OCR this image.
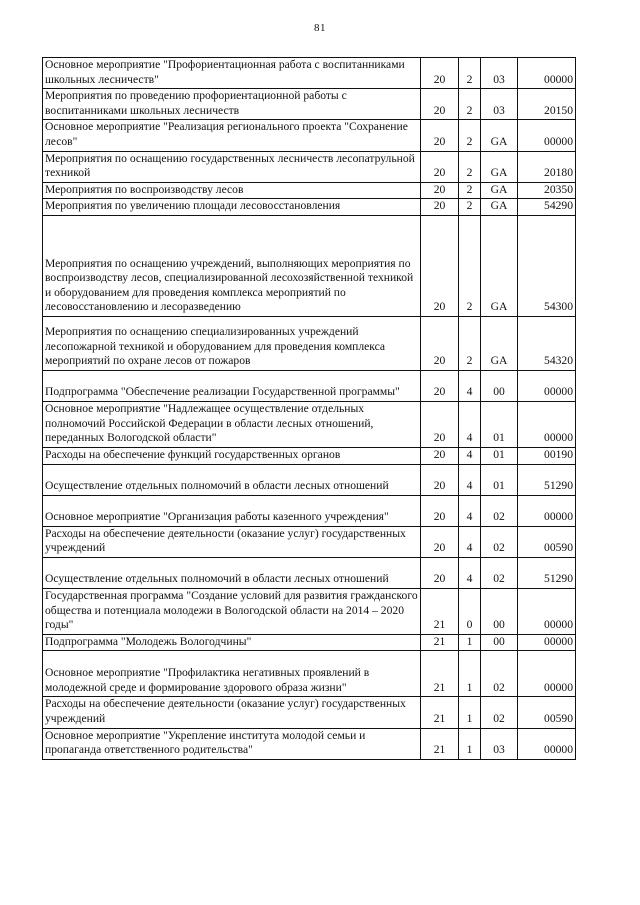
81
Основное мероприятие "Профориентационная работа с воспитанниками школьных лесничеств"	20	2	03	00000
Мероприятия по проведению профориентационной работы с воспитанниками школьных лесничеств	20	2	03	20150
Основное мероприятие "Реализация регионального проекта "Сохранение лесов"	20	2	GA	00000
Мероприятия по оснащению государственных лесничеств лесопатрульной техникой	20	2	GA	20180
Мероприятия по воспроизводству лесов	20	2	GA	20350
Мероприятия по увеличению площади лесовосстановления	20	2	GA	54290
Мероприятия по оснащению учреждений, выполняющих мероприятия по воспроизводству лесов, специализированной лесохозяйственной техникой и оборудованием для проведения комплекса мероприятий по лесовосстановлению и лесоразведению	20	2	GA	54300
Мероприятия по оснащению специализированных учреждений лесопожарной техникой и оборудованием для проведения комплекса мероприятий по охране лесов от пожаров	20	2	GA	54320
Подпрограмма "Обеспечение реализации Государственной программы"	20	4	00	00000
Основное мероприятие "Надлежащее осуществление отдельных полномочий Российской Федерации в области лесных отношений, переданных Вологодской области"	20	4	01	00000
Расходы на обеспечение функций государственных органов	20	4	01	00190
Осуществление отдельных полномочий в области лесных отношений	20	4	01	51290
Основное мероприятие "Организация работы казенного учреждения"	20	4	02	00000
Расходы на обеспечение деятельности (оказание услуг) государственных учреждений	20	4	02	00590
Осуществление отдельных полномочий в области лесных отношений	20	4	02	51290
Государственная программа "Создание условий для развития гражданского общества и потенциала молодежи в Вологодской области на 2014 – 2020 годы"	21	0	00	00000
Подпрограмма "Молодежь Вологодчины"	21	1	00	00000
Основное мероприятие "Профилактика негативных проявлений в молодежной среде и формирование здорового образа жизни"	21	1	02	00000
Расходы на обеспечение деятельности (оказание услуг) государственных учреждений	21	1	02	00590
Основное мероприятие "Укрепление института молодой семьи и пропаганда ответственного родительства"	21	1	03	00000
